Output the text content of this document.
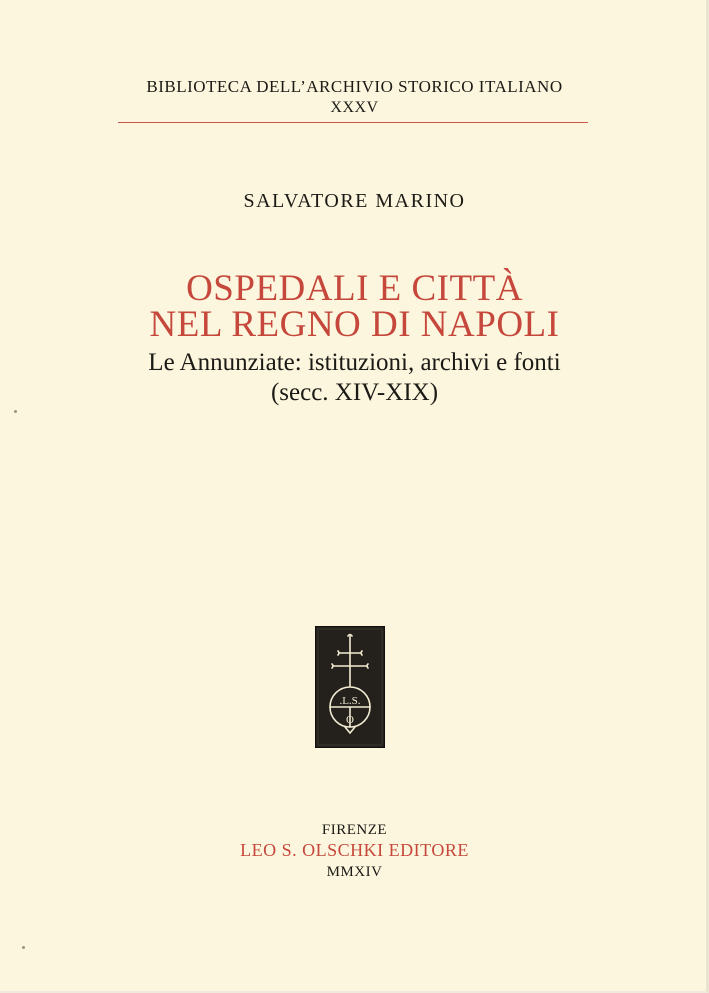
BIBLIOTECA DELL’ARCHIVIO STORICO ITALIANO
XXXV
SALVATORE MARINO
OSPEDALI E CITTÀ
NEL REGNO DI NAPOLI
Le Annunziate: istituzioni, archivi e fonti
(secc. XIV-XIX)
.L.S.
O
FIRENZE
LEO S. OLSCHKI EDITORE
MMXIV
